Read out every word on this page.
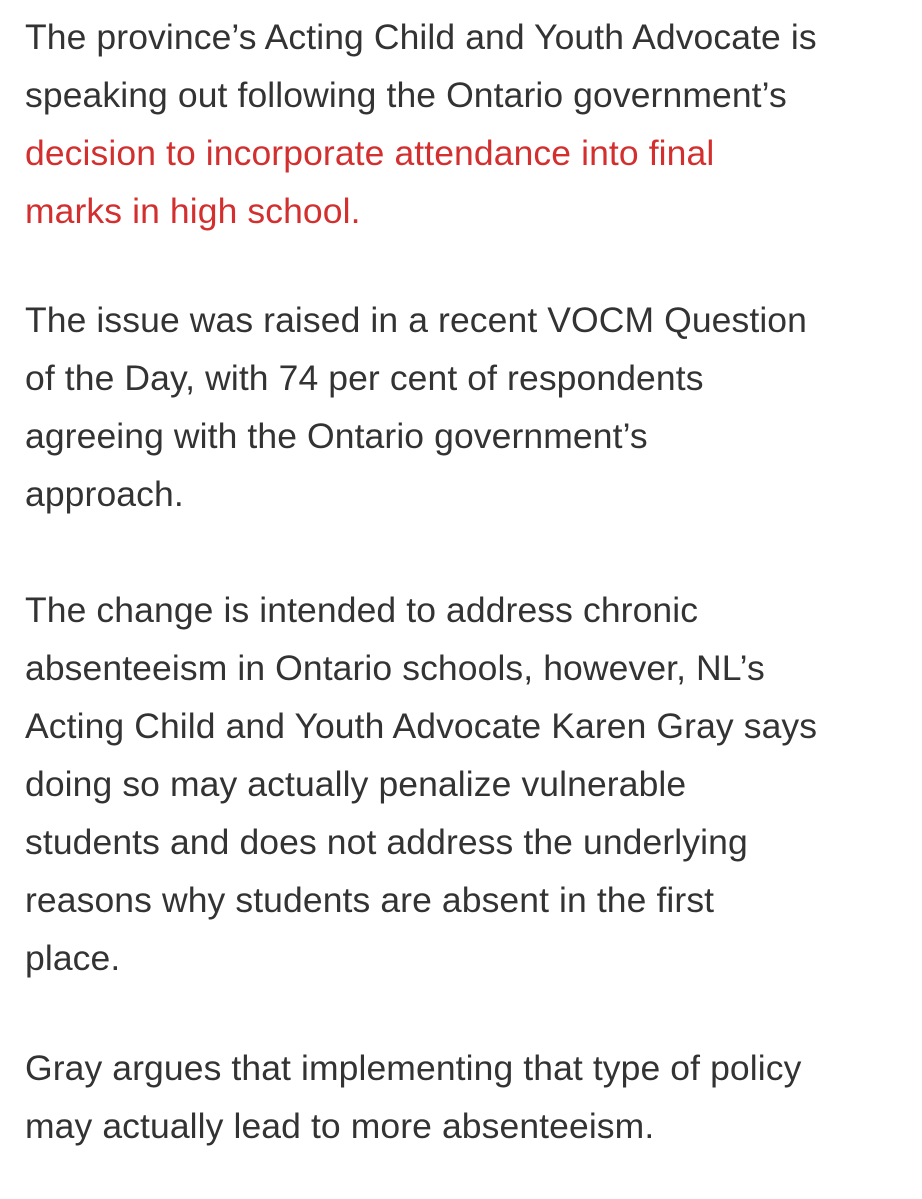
The province’s Acting Child and Youth Advocate is
speaking out following the Ontario government’s
decision to incorporate attendance into final
marks in high school.

The issue was raised in a recent VOCM Question
of the Day, with 74 per cent of respondents
agreeing with the Ontario government’s
approach.

The change is intended to address chronic
absenteeism in Ontario schools, however, NL’s
Acting Child and Youth Advocate Karen Gray says
doing so may actually penalize vulnerable
students and does not address the underlying
reasons why students are absent in the first
place.

Gray argues that implementing that type of policy
may actually lead to more absenteeism.
